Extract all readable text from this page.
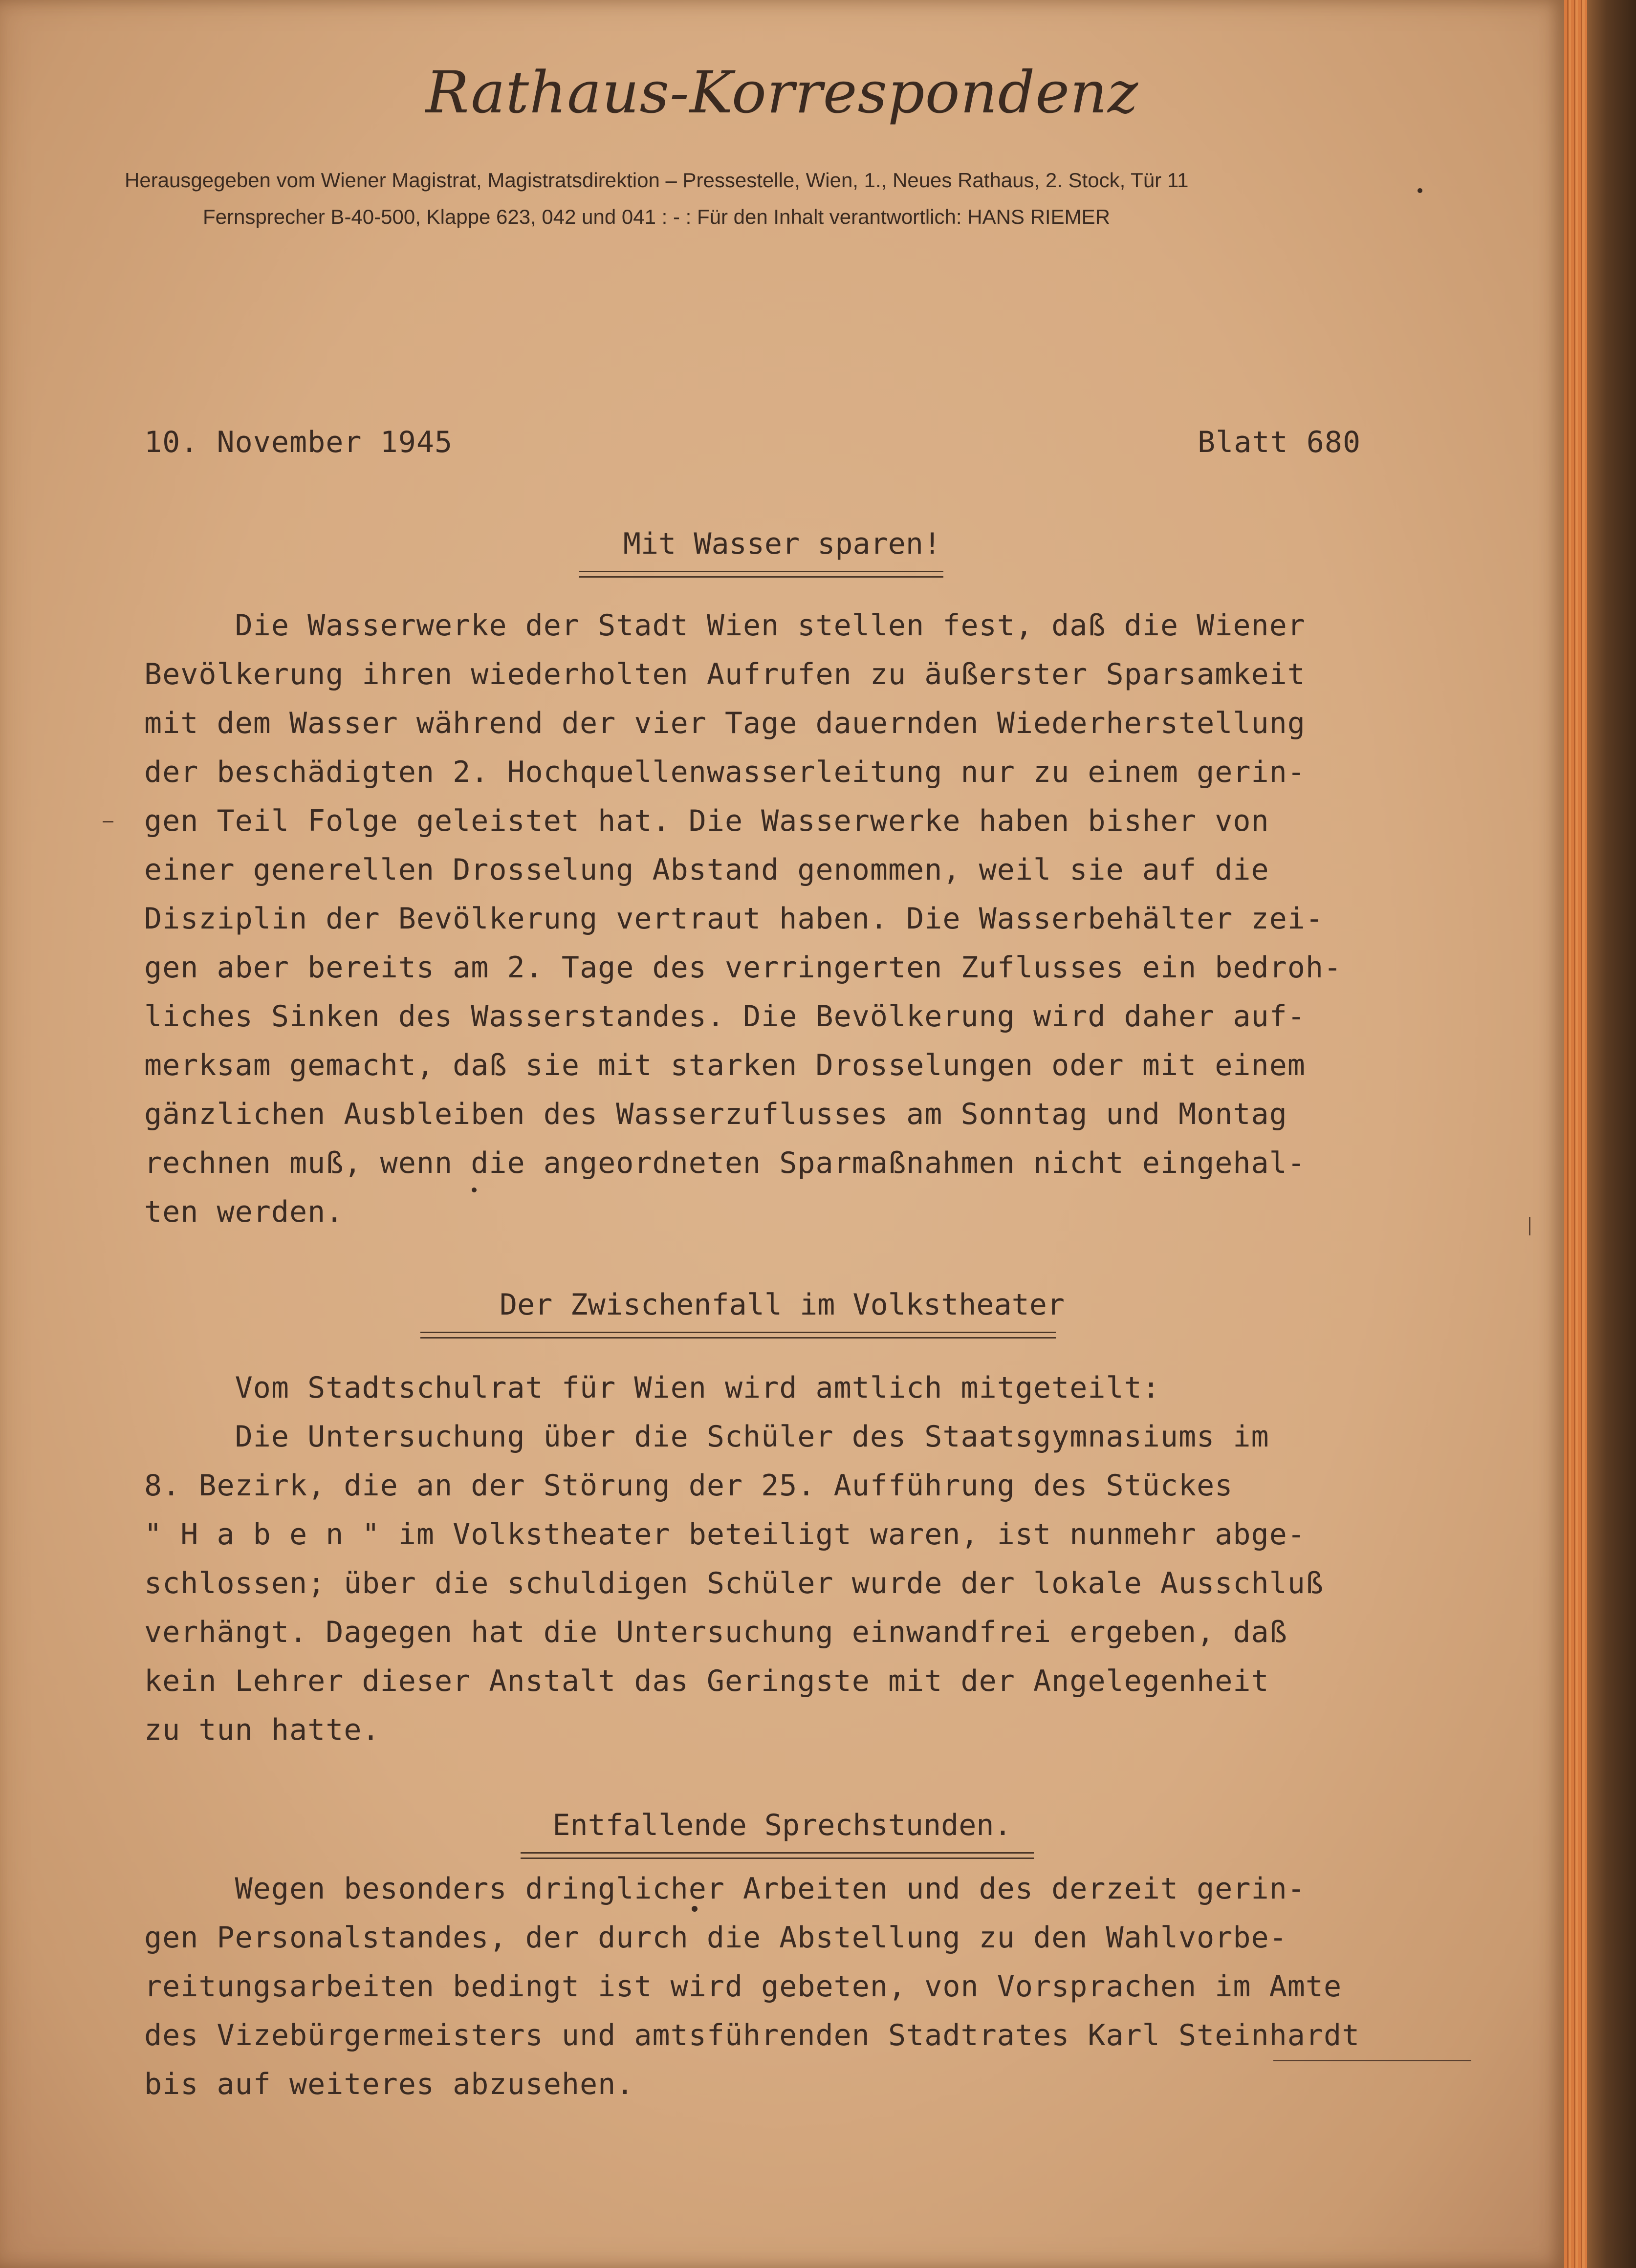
Rathaus-Korrespondenz
Herausgegeben vom Wiener Magistrat, Magistratsdirektion – Pressestelle, Wien, 1., Neues Rathaus, 2. Stock, Tür 11
Fernsprecher B-40-500, Klappe 623, 042 und 041 : - : Für den Inhalt verantwortlich: HANS RIEMER
10. November 1945	Blatt 680
Mit Wasser sparen!
Die Wasserwerke der Stadt Wien stellen fest, daß die Wiener
Bevölkerung ihren wiederholten Aufrufen zu äußerster Sparsamkeit
mit dem Wasser während der vier Tage dauernden Wiederherstellung
der beschädigten 2. Hochquellenwasserleitung nur zu einem gerin-
gen Teil Folge geleistet hat. Die Wasserwerke haben bisher von
einer generellen Drosselung Abstand genommen, weil sie auf die
Disziplin der Bevölkerung vertraut haben. Die Wasserbehälter zei-
gen aber bereits am 2. Tage des verringerten Zuflusses ein bedroh-
liches Sinken des Wasserstandes. Die Bevölkerung wird daher auf-
merksam gemacht, daß sie mit starken Drosselungen oder mit einem
gänzlichen Ausbleiben des Wasserzuflusses am Sonntag und Montag
rechnen muß, wenn die angeordneten Sparmaßnahmen nicht eingehal-
ten werden.
Der Zwischenfall im Volkstheater
Vom Stadtschulrat für Wien wird amtlich mitgeteilt:
Die Untersuchung über die Schüler des Staatsgymnasiums im
8. Bezirk, die an der Störung der 25. Aufführung des Stückes
" H a b e n " im Volkstheater beteiligt waren, ist nunmehr abge-
schlossen; über die schuldigen Schüler wurde der lokale Ausschluß
verhängt. Dagegen hat die Untersuchung einwandfrei ergeben, daß
kein Lehrer dieser Anstalt das Geringste mit der Angelegenheit
zu tun hatte.
Entfallende Sprechstunden.
Wegen besonders dringlicher Arbeiten und des derzeit gerin-
gen Personalstandes, der durch die Abstellung zu den Wahlvorbe-
reitungsarbeiten bedingt ist wird gebeten, von Vorsprachen im Amte
des Vizebürgermeisters und amtsführenden Stadtrates Karl Steinhardt
bis auf weiteres abzusehen.
